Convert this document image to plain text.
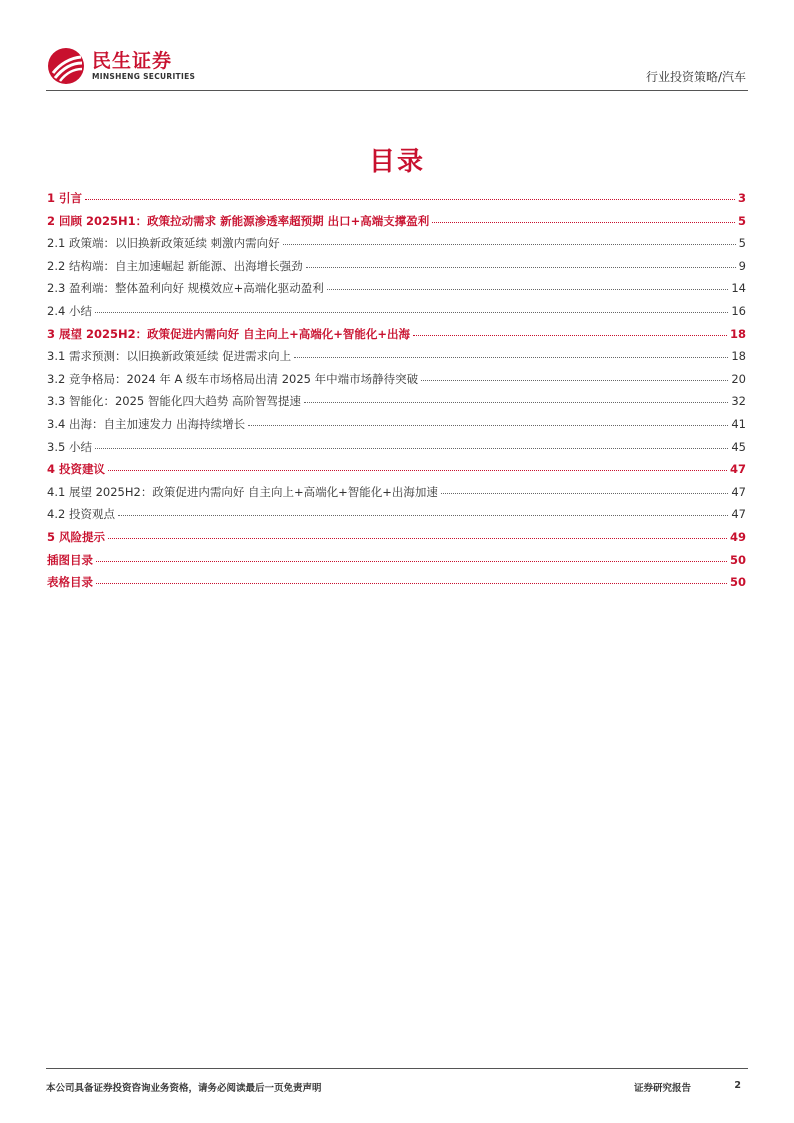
民生证券
MINSHENG SECURITIES	行业投资策略/汽车
目录
1 引言	3
2 回顾 2025H1：政策拉动需求 新能源渗透率超预期 出口+高端支撑盈利	5
2.1 政策端：以旧换新政策延续 刺激内需向好	5
2.2 结构端：自主加速崛起 新能源、出海增长强劲	9
2.3 盈利端：整体盈利向好 规模效应+高端化驱动盈利	14
2.4 小结	16
3 展望 2025H2：政策促进内需向好 自主向上+高端化+智能化+出海	18
3.1 需求预测：以旧换新政策延续 促进需求向上	18
3.2 竞争格局：2024 年 A 级车市场格局出清 2025 年中端市场静待突破	20
3.3 智能化：2025 智能化四大趋势 高阶智驾提速	32
3.4 出海：自主加速发力 出海持续增长	41
3.5 小结	45
4 投资建议	47
4.1 展望 2025H2：政策促进内需向好 自主向上+高端化+智能化+出海加速	47
4.2 投资观点	47
5 风险提示	49
插图目录	50
表格目录	50
本公司具备证券投资咨询业务资格，请务必阅读最后一页免责声明	证券研究报告	2
